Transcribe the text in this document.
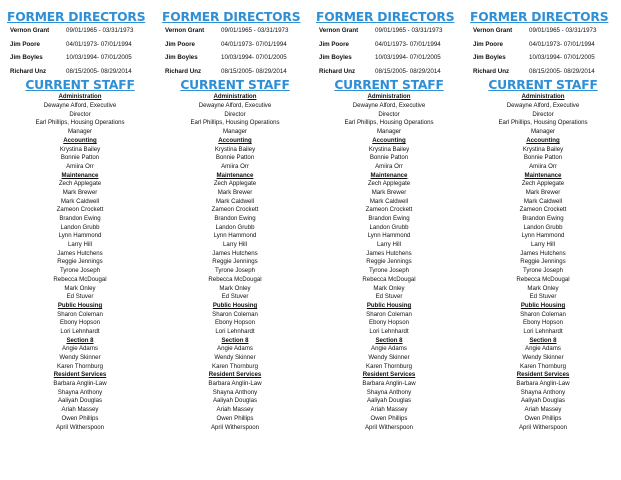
FORMER DIRECTORS
Vernon Grant	09/01/1965 - 03/31/1973
Jim Poore	04/01/1973- 07/01/1994
Jim Boyles	10/03/1994- 07/01/2005
Richard Unz	08/15/2005- 08/29/2014
CURRENT STAFF
Administration
Dewayne Alford, Executive
Director
Earl Phillips, Housing Operations
Manager
Accounting
Krystina Bailey
Bonnie Patton
Amiira Orr
Maintenance
Zech Applegate
Mark Brewer
Mark Caldwell
Zameon Crockett
Brandon Ewing
Landon Grubb
Lynn Hammond
Larry Hill
James Hutchens
Reggie Jennings
Tyrone Joseph
Rebecca McDougal
Mark Onley
Ed Stuver
Public Housing
Sharon Coleman
Ebony Hopson
Lori Lehnhardt
Section 8
Angie Adams
Wendy Skinner
Karen Thornburg
Resident Services
Barbara Anglin-Law
Shayna Anthony
Aaliyah Douglas
Ariah Massey
Owen Phillips
April Witherspoon
FORMER DIRECTORS
Vernon Grant	09/01/1965 - 03/31/1973
Jim Poore	04/01/1973- 07/01/1994
Jim Boyles	10/03/1994- 07/01/2005
Richard Unz	08/15/2005- 08/29/2014
CURRENT STAFF
Administration
Dewayne Alford, Executive
Director
Earl Phillips, Housing Operations
Manager
Accounting
Krystina Bailey
Bonnie Patton
Amiira Orr
Maintenance
Zech Applegate
Mark Brewer
Mark Caldwell
Zameon Crockett
Brandon Ewing
Landon Grubb
Lynn Hammond
Larry Hill
James Hutchens
Reggie Jennings
Tyrone Joseph
Rebecca McDougal
Mark Onley
Ed Stuver
Public Housing
Sharon Coleman
Ebony Hopson
Lori Lehnhardt
Section 8
Angie Adams
Wendy Skinner
Karen Thornburg
Resident Services
Barbara Anglin-Law
Shayna Anthony
Aaliyah Douglas
Ariah Massey
Owen Phillips
April Witherspoon
FORMER DIRECTORS
Vernon Grant	09/01/1965 - 03/31/1973
Jim Poore	04/01/1973- 07/01/1994
Jim Boyles	10/03/1994- 07/01/2005
Richard Unz	08/15/2005- 08/29/2014
CURRENT STAFF
Administration
Dewayne Alford, Executive
Director
Earl Phillips, Housing Operations
Manager
Accounting
Krystina Bailey
Bonnie Patton
Amiira Orr
Maintenance
Zech Applegate
Mark Brewer
Mark Caldwell
Zameon Crockett
Brandon Ewing
Landon Grubb
Lynn Hammond
Larry Hill
James Hutchens
Reggie Jennings
Tyrone Joseph
Rebecca McDougal
Mark Onley
Ed Stuver
Public Housing
Sharon Coleman
Ebony Hopson
Lori Lehnhardt
Section 8
Angie Adams
Wendy Skinner
Karen Thornburg
Resident Services
Barbara Anglin-Law
Shayna Anthony
Aaliyah Douglas
Ariah Massey
Owen Phillips
April Witherspoon
FORMER DIRECTORS
Vernon Grant	09/01/1965 - 03/31/1973
Jim Poore	04/01/1973- 07/01/1994
Jim Boyles	10/03/1994- 07/01/2005
Richard Unz	08/15/2005- 08/29/2014
CURRENT STAFF
Administration
Dewayne Alford, Executive
Director
Earl Phillips, Housing Operations
Manager
Accounting
Krystina Bailey
Bonnie Patton
Amiira Orr
Maintenance
Zech Applegate
Mark Brewer
Mark Caldwell
Zameon Crockett
Brandon Ewing
Landon Grubb
Lynn Hammond
Larry Hill
James Hutchens
Reggie Jennings
Tyrone Joseph
Rebecca McDougal
Mark Onley
Ed Stuver
Public Housing
Sharon Coleman
Ebony Hopson
Lori Lehnhardt
Section 8
Angie Adams
Wendy Skinner
Karen Thornburg
Resident Services
Barbara Anglin-Law
Shayna Anthony
Aaliyah Douglas
Ariah Massey
Owen Phillips
April Witherspoon
